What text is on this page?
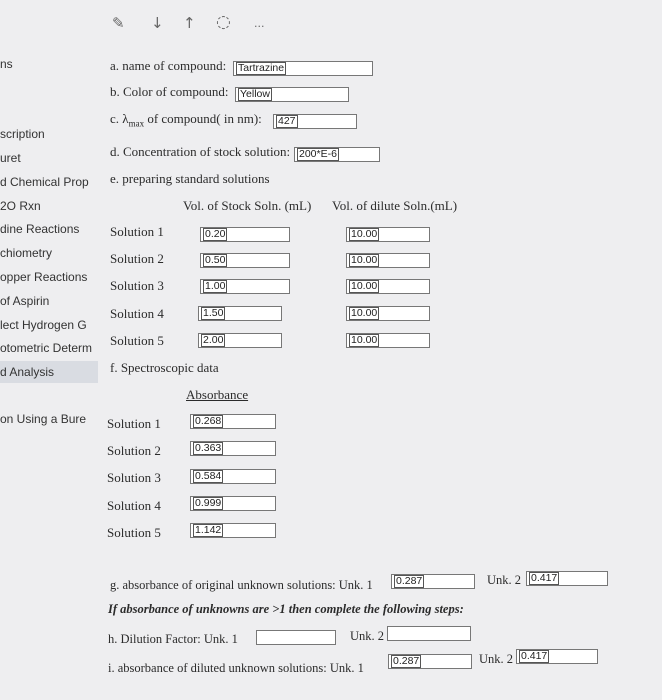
ns
scription
uret
d Chemical Prop
2O Rxn
dine Reactions
chiometry
opper Reactions
of Aspirin
lect Hydrogen G
otometric Determ
d Analysis
on Using a Bure
✎ ↓ ↑ ◌ ...
a. name of compound:	Tartrazine
b. Color of compound:	Yellow
c. $\lambda_{max}$ of compound( in nm):	427
d. Concentration of stock solution: 200*E-6
e. preparing standard solutions
Vol. of Stock Soln. (mL) Vol. of dilute Soln.(mL)
Solution 1	0.20	10.00
Solution 2	0.50	10.00
Solution 3	1.00	10.00
Solution 4	1.50	10.00
Solution 5	2.00	10.00
f. Spectroscopic data
Absorbance
Solution 1	0.268
Solution 2	0.363
Solution 3	0.584
Solution 4	0.999
Solution 5	1.142
g. absorbance of original unknown solutions: Unk. 1	0.287	Unk. 2 0.417
If absorbance of unknowns are >1 then complete the following steps:
h. Dilution Factor: Unk. 1	Unk. 2
i. absorbance of diluted unknown solutions: Unk. 1	0.287	Unk. 2 0.417
